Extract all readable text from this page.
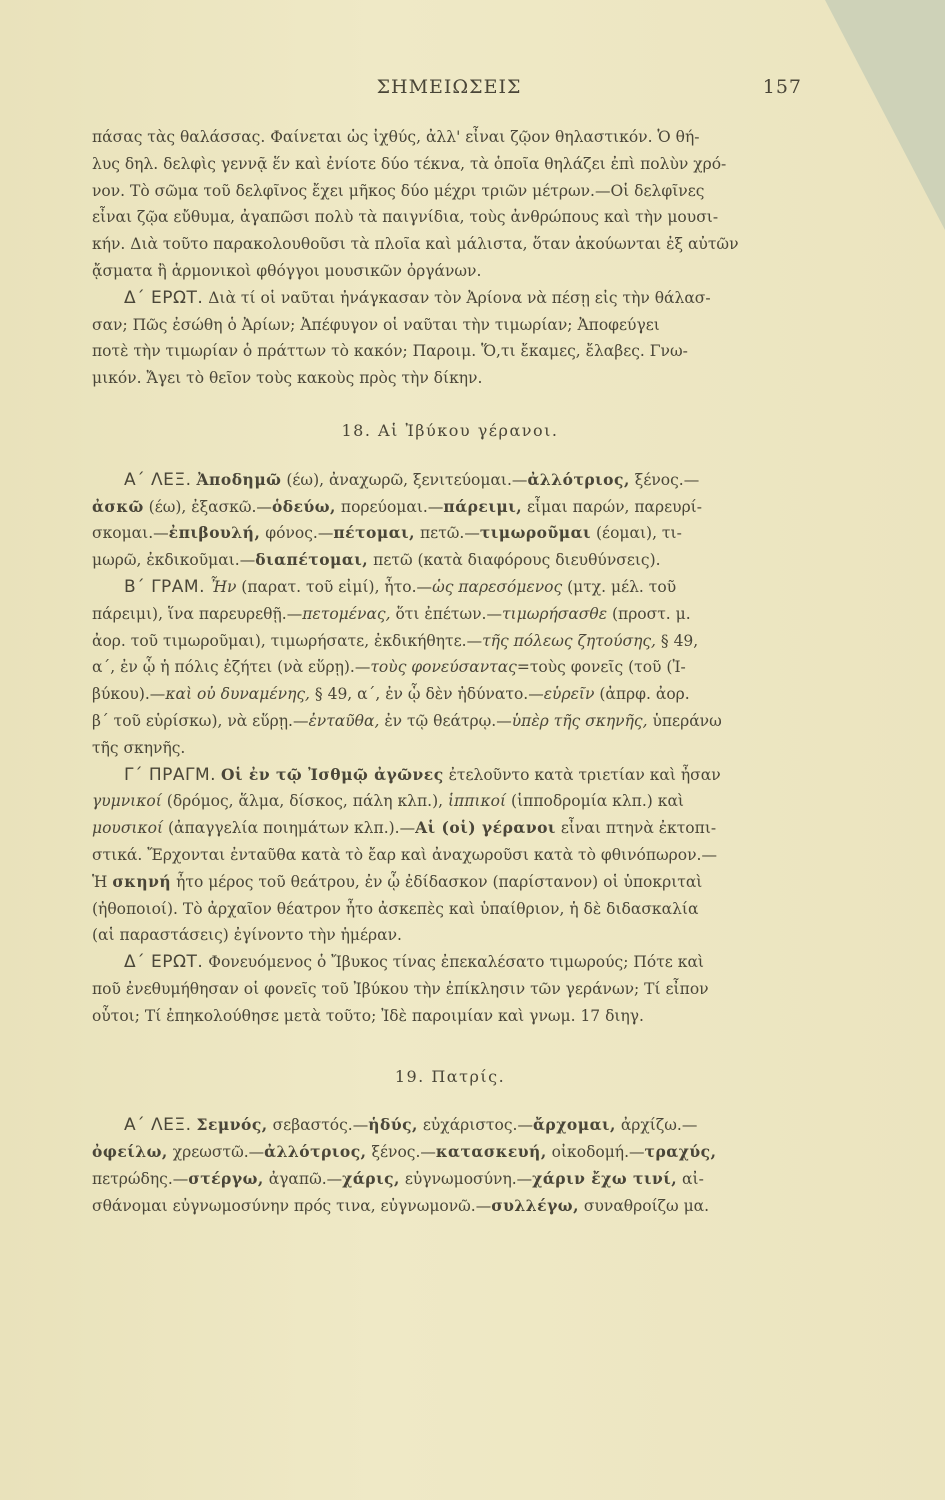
ΣΗΜΕΙΩΣΕΙΣ	157
πάσας τὰς θαλάσσας. Φαίνεται ὡς ἰχθύς, ἀλλ' εἶναι ζῷον θηλαστικόν. Ὁ θή-
λυς δηλ. δελφὶς γεννᾷ ἕν καὶ ἐνίοτε δύο τέκνα, τὰ ὁποῖα θηλάζει ἐπὶ πολὺν χρό-
νον. Τὸ σῶμα τοῦ δελφῖνος ἔχει μῆκος δύο μέχρι τριῶν μέτρων.—Οἱ δελφῖνες
εἶναι ζῷα εὔθυμα, ἀγαπῶσι πολὺ τὰ παιγνίδια, τοὺς ἀνθρώπους καὶ τὴν μουσι-
κήν. Διὰ τοῦτο παρακολουθοῦσι τὰ πλοῖα καὶ μάλιστα, ὅταν ἀκούωνται ἐξ αὐτῶν
ᾄσματα ἢ ἁρμονικοὶ φθόγγοι μουσικῶν ὀργάνων.
Δ΄ ΕΡΩΤ. Διὰ τί οἱ ναῦται ἠνάγκασαν τὸν Ἀρίονα νὰ πέσῃ εἰς τὴν θάλασ-
σαν; Πῶς ἐσώθη ὁ Ἀρίων; Ἀπέφυγον οἱ ναῦται τὴν τιμωρίαν; Ἀποφεύγει
ποτὲ τὴν τιμωρίαν ὁ πράττων τὸ κακόν; Παροιμ. Ὅ,τι ἔκαμες, ἔλαβες. Γνω-
μικόν. Ἄγει τὸ θεῖον τοὺς κακοὺς πρὸς τὴν δίκην.
18. Αἱ Ἰβύκου γέρανοι.
Α΄ ΛΕΞ. Ἀποδημῶ (έω), ἀναχωρῶ, ξενιτεύομαι.—ἀλλότριος, ξένος.—
ἀσκῶ (έω), ἐξασκῶ.—ὁδεύω, πορεύομαι.—πάρειμι, εἶμαι παρών, παρευρί-
σκομαι.—ἐπιβουλή, φόνος.—πέτομαι, πετῶ.—τιμωροῦμαι (έομαι), τι-
μωρῶ, ἐκδικοῦμαι.—διαπέτομαι, πετῶ (κατὰ διαφόρους διευθύνσεις).
Β΄ ΓΡΑΜ. Ἦν (παρατ. τοῦ εἰμί), ἦτο.—ὡς παρεσόμενος (μτχ. μέλ. τοῦ
πάρειμι), ἵνα παρευρεθῇ.—πετομένας, ὅτι ἐπέτων.—τιμωρήσασθε (προστ. μ.
ἀορ. τοῦ τιμωροῦμαι), τιμωρήσατε, ἐκδικήθητε.—τῆς πόλεως ζητούσης, § 49,
α΄, ἐν ᾧ ἡ πόλις ἐζήτει (νὰ εὕρῃ).—τοὺς φονεύσαντας=τοὺς φονεῖς (τοῦ (Ἰ-
βύκου).—καὶ οὐ δυναμένης, § 49, α΄, ἐν ᾧ δὲν ἠδύνατο.—εὑρεῖν (ἀπρφ. ἀορ.
β΄ τοῦ εὑρίσκω), νὰ εὕρῃ.—ἐνταῦθα, ἐν τῷ θεάτρῳ.—ὑπὲρ τῆς σκηνῆς, ὑπεράνω
τῆς σκηνῆς.
Γ΄ ΠΡΑΓΜ. Οἱ ἐν τῷ Ἰσθμῷ ἀγῶνες ἐτελοῦντο κατὰ τριετίαν καὶ ἦσαν
γυμνικοί (δρόμος, ἅλμα, δίσκος, πάλη κλπ.), ἱππικοί (ἱπποδρομία κλπ.) καὶ
μουσικοί (ἀπαγγελία ποιημάτων κλπ.).—Αἱ (οἱ) γέρανοι εἶναι πτηνὰ ἐκτοπι-
στικά. Ἔρχονται ἐνταῦθα κατὰ τὸ ἔαρ καὶ ἀναχωροῦσι κατὰ τὸ φθινόπωρον.—
Ἡ σκηνή ἦτο μέρος τοῦ θεάτρου, ἐν ᾧ ἐδίδασκον (παρίστανον) οἱ ὑποκριταὶ
(ἠθοποιοί). Τὸ ἀρχαῖον θέατρον ἦτο ἀσκεπὲς καὶ ὑπαίθριον, ἡ δὲ διδασκαλία
(αἱ παραστάσεις) ἐγίνοντο τὴν ἡμέραν.
Δ΄ ΕΡΩΤ. Φονευόμενος ὁ Ἴβυκος τίνας ἐπεκαλέσατο τιμωρούς; Πότε καὶ
ποῦ ἐνεθυμήθησαν οἱ φονεῖς τοῦ Ἰβύκου τὴν ἐπίκλησιν τῶν γεράνων; Τί εἶπον
οὗτοι; Τί ἐπηκολούθησε μετὰ τοῦτο; Ἰδὲ παροιμίαν καὶ γνωμ. 17 διηγ.
19. Πατρίς.
Α΄ ΛΕΞ. Σεμνός, σεβαστός.—ἡδύς, εὐχάριστος.—ἄρχομαι, ἀρχίζω.—
ὀφείλω, χρεωστῶ.—ἀλλότριος, ξένος.—κατασκευή, οἰκοδομή.—τραχύς,
πετρώδης.—στέργω, ἀγαπῶ.—χάρις, εὐγνωμοσύνη.—χάριν ἔχω τινί, αἰ-
σθάνομαι εὐγνωμοσύνην πρός τινα, εὐγνωμονῶ.—συλλέγω, συναθροίζω μα.
